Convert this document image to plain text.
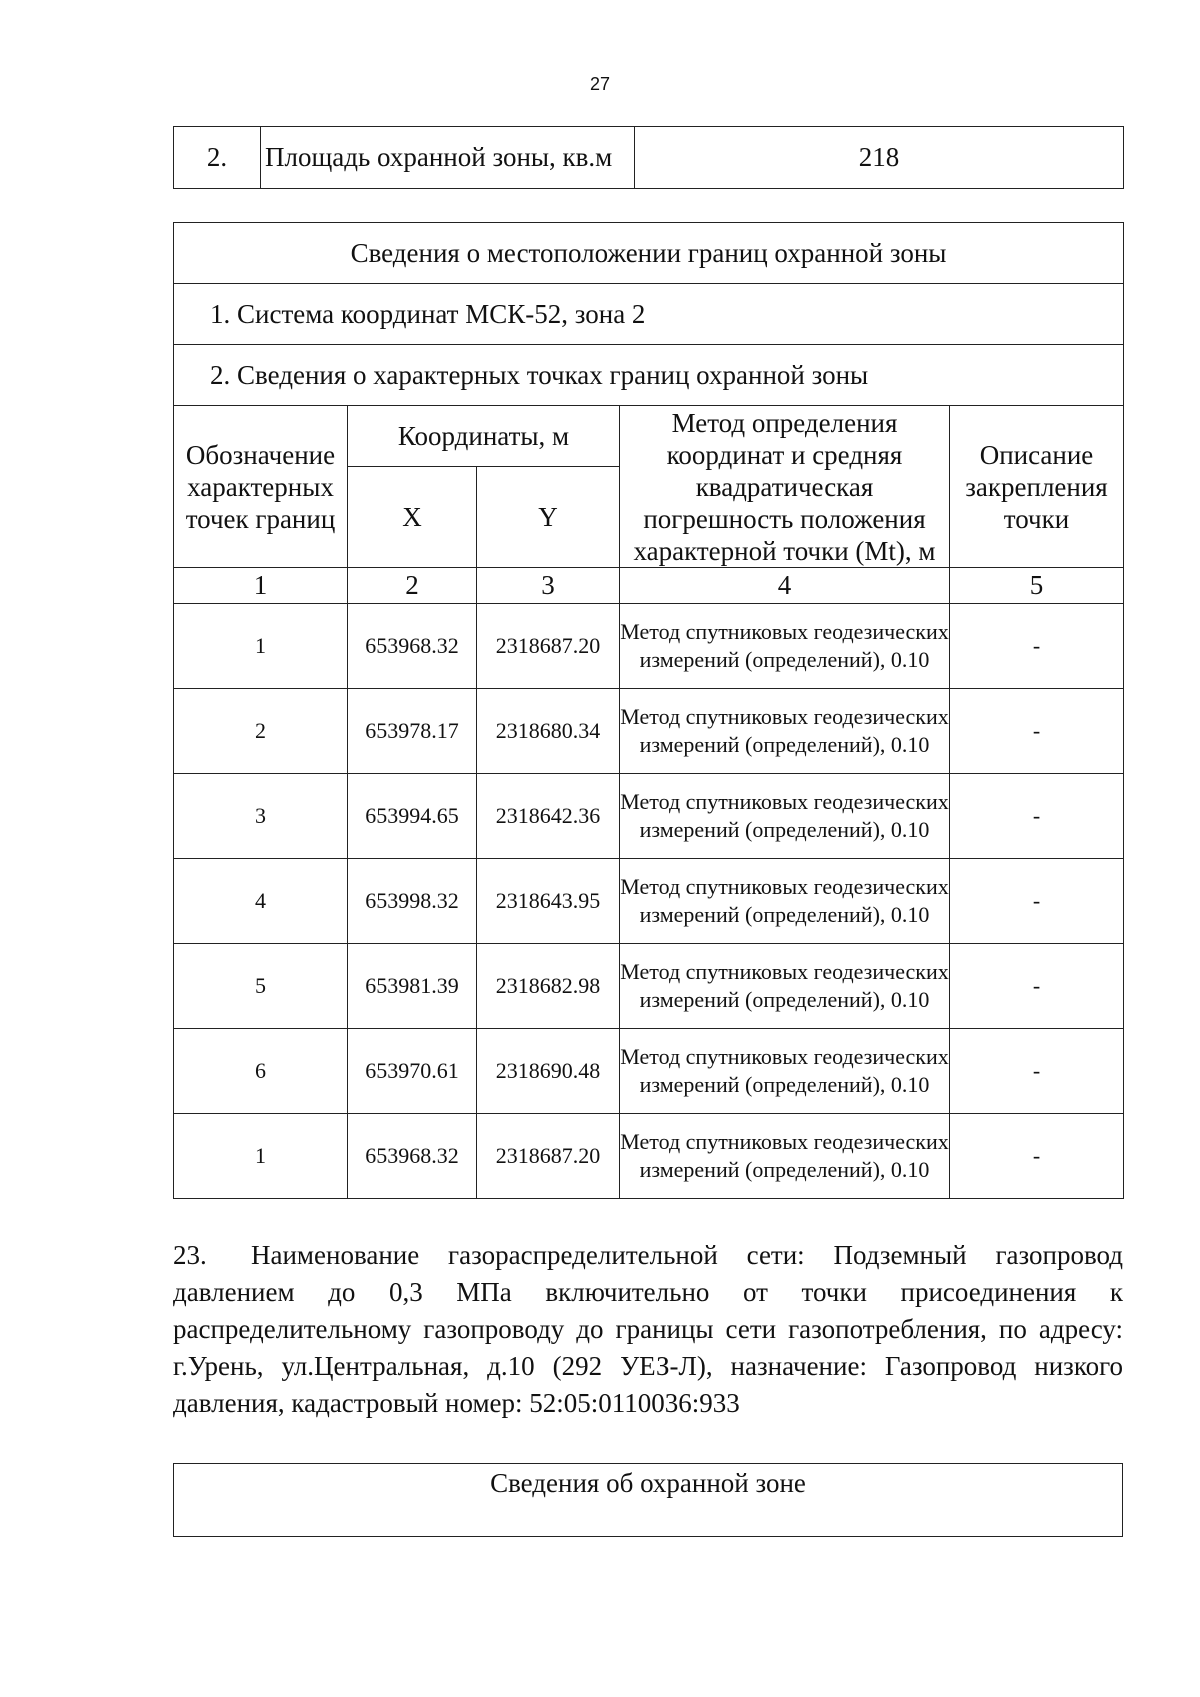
27
2.	Площадь охранной зоны, кв.м	218
Сведения о местоположении границ охранной зоны				
1. Система координат МСК-52, зона 2				
2. Сведения о характерных точках границ охранной зоны				
Обозначение характерных точек границ	Координаты, м		Метод определения координат и средняя квадратическая погрешность положения характерной точки (Mt), м	Описание закрепления точки
	X	Y		
1	2	3	4	5
1	653968.32	2318687.20	Метод спутниковых геодезических измерений (определений), 0.10	-
2	653978.17	2318680.34	Метод спутниковых геодезических измерений (определений), 0.10	-
3	653994.65	2318642.36	Метод спутниковых геодезических измерений (определений), 0.10	-
4	653998.32	2318643.95	Метод спутниковых геодезических измерений (определений), 0.10	-
5	653981.39	2318682.98	Метод спутниковых геодезических измерений (определений), 0.10	-
6	653970.61	2318690.48	Метод спутниковых геодезических измерений (определений), 0.10	-
1	653968.32	2318687.20	Метод спутниковых геодезических измерений (определений), 0.10	-
23. Наименование газораспределительной сети: Подземный газопровод давлением до 0,3 МПа включительно от точки присоединения к распределительному газопроводу до границы сети газопотребления, по адресу: г.Урень, ул.Центральная, д.10 (292 УЕЗ-Л), назначение: Газопровод низкого давления, кадастровый номер: 52:05:0110036:933
Сведения об охранной зоне
